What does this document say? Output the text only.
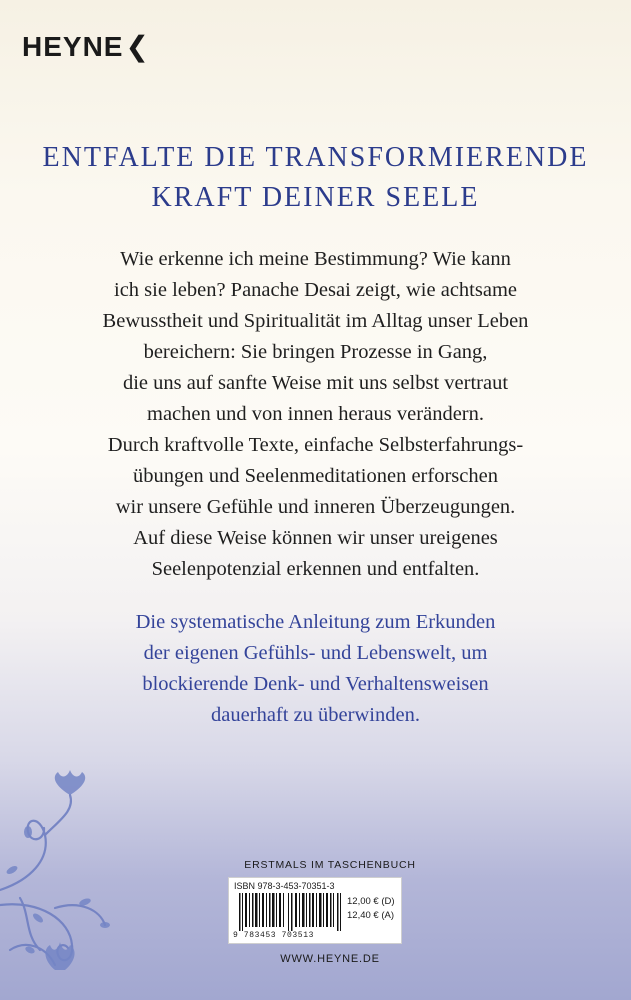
HEYNE❮
ENTFALTE DIE TRANSFORMIERENDE
KRAFT DEINER SEELE
Wie erkenne ich meine Bestimmung? Wie kann
ich sie leben? Panache Desai zeigt, wie achtsame
Bewusstheit und Spiritualität im Alltag unser Leben
bereichern: Sie bringen Prozesse in Gang,
die uns auf sanfte Weise mit uns selbst vertraut
machen und von innen heraus verändern.
Durch kraftvolle Texte, einfache Selbsterfahrungs-
übungen und Seelenmeditationen erforschen
wir unsere Gefühle und inneren Überzeugungen.
Auf diese Weise können wir unser ureigenes
Seelenpotenzial erkennen und entfalten.
Die systematische Anleitung zum Erkunden
der eigenen Gefühls- und Lebenswelt, um
blockierende Denk- und Verhaltensweisen
dauerhaft zu überwinden.
ERSTMALS IM TASCHENBUCH
ISBN 978-3-453-70351-3
9 783453 703513
12,00 € (D)
12,40 € (A)
WWW.HEYNE.DE
